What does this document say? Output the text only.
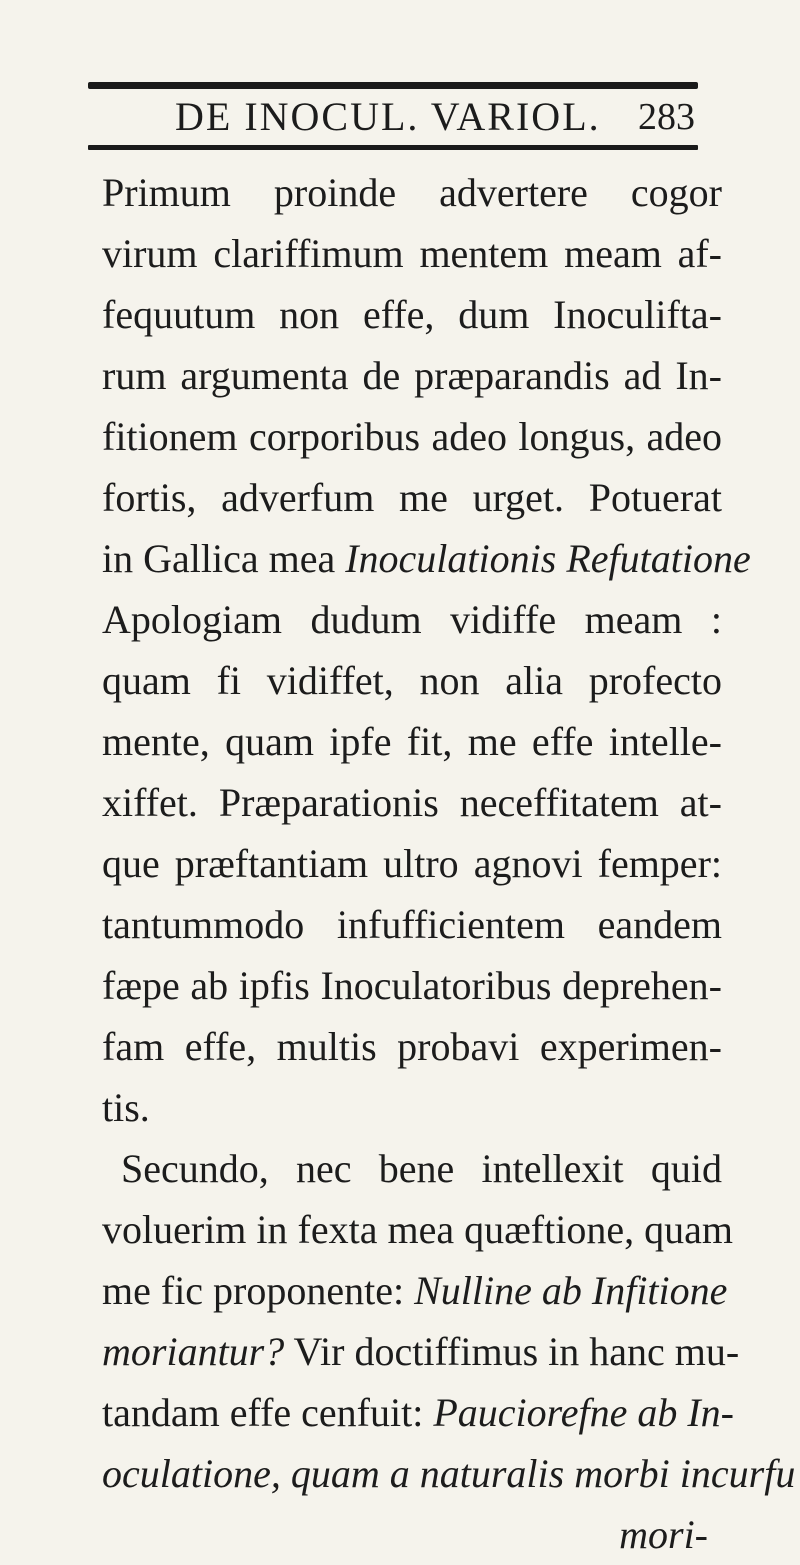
DE INOCUL. VARIOL. 283
Primum proinde advertere cogor
virum clariffimum mentem meam af-
fequutum non effe, dum Inoculifta-
rum argumenta de præparandis ad In-
fitionem corporibus adeo longus, adeo
fortis, adverfum me urget. Potuerat
in Gallica mea Inoculationis Refutatione
Apologiam dudum vidiffe meam :
quam fi vidiffet, non alia profecto
mente, quam ipfe fit, me effe intelle-
xiffet. Præparationis neceffitatem at-
que præftantiam ultro agnovi femper:
tantummodo infufficientem eandem
fæpe ab ipfis Inoculatoribus deprehen-
fam effe, multis probavi experimen-
tis.
Secundo, nec bene intellexit quid
voluerim in fexta mea quæftione, quam
me fic proponente: Nulline ab Infitione
moriantur? Vir doctiffimus in hanc mu-
tandam effe cenfuit: Pauciorefne ab In-
oculatione, quam a naturalis morbi incurfu
mori-
